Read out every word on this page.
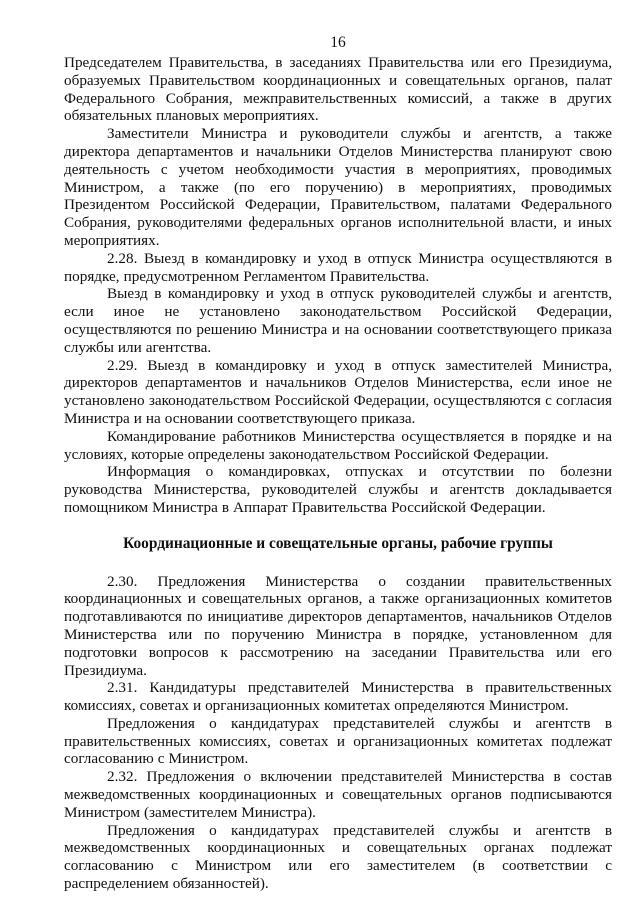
16

Председателем Правительства, в заседаниях Правительства или его Президиума, образуемых Правительством координационных и совещательных органов, палат Федерального Собрания, межправительственных комиссий, а также в других обязательных плановых мероприятиях.

Заместители Министра и руководители службы и агентств, а также директора департаментов и начальники Отделов Министерства планируют свою деятельность с учетом необходимости участия в мероприятиях, проводимых Министром, а также (по его поручению) в мероприятиях, проводимых Президентом Российской Федерации, Правительством, палатами Федерального Собрания, руководителями федеральных органов исполнительной власти, и иных мероприятиях.

2.28. Выезд в командировку и уход в отпуск Министра осуществляются в порядке, предусмотренном Регламентом Правительства.

Выезд в командировку и уход в отпуск руководителей службы и агентств, если иное не установлено законодательством Российской Федерации, осуществляются по решению Министра и на основании соответствующего приказа службы или агентства.

2.29. Выезд в командировку и уход в отпуск заместителей Министра, директоров департаментов и начальников Отделов Министерства, если иное не установлено законодательством Российской Федерации, осуществляются с согласия Министра и на основании соответствующего приказа.

Командирование работников Министерства осуществляется в порядке и на условиях, которые определены законодательством Российской Федерации.

Информация о командировках, отпусках и отсутствии по болезни руководства Министерства, руководителей службы и агентств докладывается помощником Министра в Аппарат Правительства Российской Федерации.

Координационные и совещательные органы, рабочие группы

2.30. Предложения Министерства о создании правительственных координационных и совещательных органов, а также организационных комитетов подготавливаются по инициативе директоров департаментов, начальников Отделов Министерства или по поручению Министра в порядке, установленном для подготовки вопросов к рассмотрению на заседании Правительства или его Президиума.

2.31. Кандидатуры представителей Министерства в правительственных комиссиях, советах и организационных комитетах определяются Министром.

Предложения о кандидатурах представителей службы и агентств в правительственных комиссиях, советах и организационных комитетах подлежат согласованию с Министром.

2.32. Предложения о включении представителей Министерства в состав межведомственных координационных и совещательных органов подписываются Министром (заместителем Министра).

Предложения о кандидатурах представителей службы и агентств в межведомственных координационных и совещательных органах подлежат согласованию с Министром или его заместителем (в соответствии с распределением обязанностей).
